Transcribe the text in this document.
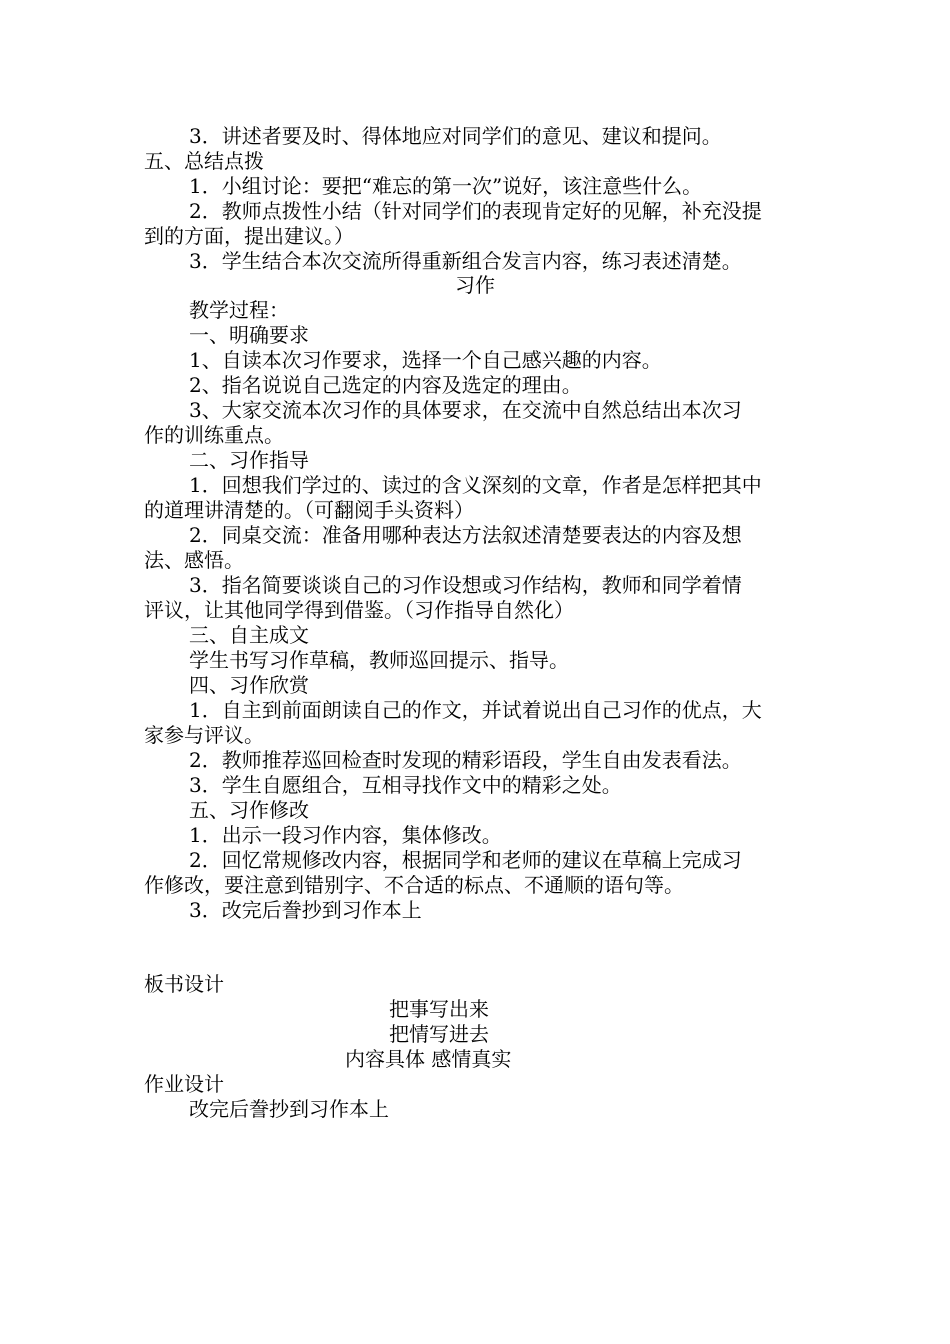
3．讲述者要及时、得体地应对同学们的意见、建议和提问。
五、总结点拨
1．小组讨论：要把“难忘的第一次”说好，该注意些什么。
2．教师点拨性小结（针对同学们的表现肯定好的见解，补充没提
到的方面，提出建议。）
3．学生结合本次交流所得重新组合发言内容，练习表述清楚。
习作
教学过程：
一、明确要求
1、自读本次习作要求，选择一个自己感兴趣的内容。
2、指名说说自己选定的内容及选定的理由。
3、大家交流本次习作的具体要求，在交流中自然总结出本次习
作的训练重点。
二、习作指导
1．回想我们学过的、读过的含义深刻的文章，作者是怎样把其中
的道理讲清楚的。（可翻阅手头资料）
2．同桌交流：准备用哪种表达方法叙述清楚要表达的内容及想
法、感悟。
3．指名简要谈谈自己的习作设想或习作结构，教师和同学着情
评议，让其他同学得到借鉴。（习作指导自然化）
三、自主成文
学生书写习作草稿，教师巡回提示、指导。
四、习作欣赏
1．自主到前面朗读自己的作文，并试着说出自己习作的优点，大
家参与评议。
2．教师推荐巡回检查时发现的精彩语段，学生自由发表看法。
3．学生自愿组合，互相寻找作文中的精彩之处。
五、习作修改
1．出示一段习作内容，集体修改。
2．回忆常规修改内容，根据同学和老师的建议在草稿上完成习
作修改，要注意到错别字、不合适的标点、不通顺的语句等。
3．改完后誊抄到习作本上
板书设计
把事写出来
把情写进去
内容具体 感情真实
作业设计
改完后誊抄到习作本上
